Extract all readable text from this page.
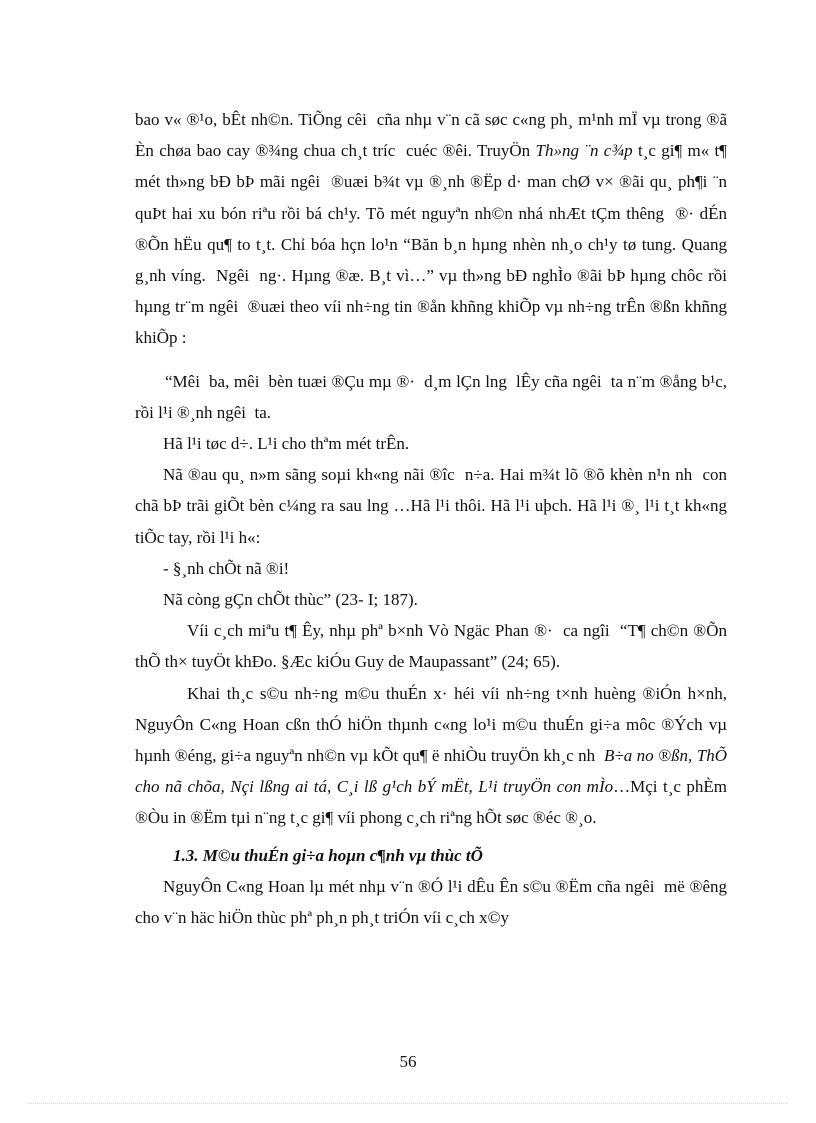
bao v« ®¹o, bÊt nh©n. TiÕng cêi  cña nhµ v¨n cã søc c«ng ph¸ m¹nh mÏ vµ trong ®ã Èn chøa bao cay ®¾ng chua ch¸t tríc  cuéc ®êi. TruyÖn Th»ng ¨n c¾p t¸c gi¶ m« t¶ mét th»ng bÐ bÞ mãi ngêi  ®uæi b¾t vµ ®¸nh ®Ëp d· man chØ v× ®ãi qu¸ ph¶i ¨n quÞt hai xu bón riªu rồi bá ch¹y. Tõ mét nguyªn nh©n nhá nhÆt tÇm thêng  ®· dÉn ®Õn hËu qu¶ to t¸t. Chỉ bóa hçn lo¹n “Băn b¸n hµng nhèn nh¸o ch¹y tø tung. Quang g¸nh víng.  Ngêi  ng·. Hµng ®æ. B¸t vì…” vµ th»ng bÐ nghÌo ®ãi bÞ hµng chôc rồi hµng tr¨m ngêi  ®uæi theo víi nh÷ng tin ®ån khñng khiÕp vµ nh÷ng trÊn ®ßn khñng khiÕp :

“Mêi  ba, mêi  bèn tuæi ®Çu mµ ®·  d¸m lÇn lng  lÊy cña ngêi  ta n¨m ®ång b¹c, rồi l¹i ®¸nh ngêi  ta.

Hã l¹i tøc d÷. L¹i cho thªm mét trÊn.

Nã ®au qu¸ n»m sãng soµi kh«ng nãi ®îc  n÷a. Hai m¾t lõ ®õ khèn n¹n nh  con chã bÞ trãi giÕt bèn c¼ng ra sau lng …Hã l¹i thôi. Hã l¹i uþch. Hã l¹i ®¸ l¹i t¸t kh«ng tiÕc tay, rồi l¹i h«:

- §¸nh chÕt nã ®i!

Nã còng gÇn chÕt thùc” (23- I; 187).

Víi c¸ch miªu t¶ Êy, nhµ phª b×nh Vò Ngäc Phan ®·  ca ngîi  “T¶ ch©n ®Õn thÕ th× tuyÖt khÐo. §Æc kiÓu Guy de Maupassant” (24; 65).

Khai th¸c s©u nh÷ng m©u thuÉn x· héi víi nh÷ng t×nh huèng ®iÓn h×nh, NguyÔn C«ng Hoan cßn thÓ hiÖn thµnh c«ng lo¹i m©u thuÉn gi÷a môc ®Ých vµ hµnh ®éng, gi÷a nguyªn nh©n vµ kÕt qu¶ ë nhiÒu truyÖn kh¸c nh  B÷a no ®ßn, ThÕ cho nã chõa, Nçi lßng ai tá, C¸i lß g¹ch bÝ mËt, L¹i truyÖn con mÌo…Mçi t¸c phÈm ®Òu in ®Ëm tµi n¨ng t¸c gi¶ víi phong c¸ch riªng hÕt søc ®éc ®¸o.

1.3. M©u thuÉn gi÷a hoµn c¶nh vµ thùc tÕ

NguyÔn C«ng Hoan lµ mét nhµ v¨n ®Ó l¹i dÊu Ên s©u ®Ëm cña ngêi  më ®êng  cho v¨n häc hiÖn thùc phª ph¸n ph¸t triÓn víi c¸ch x©y

56
